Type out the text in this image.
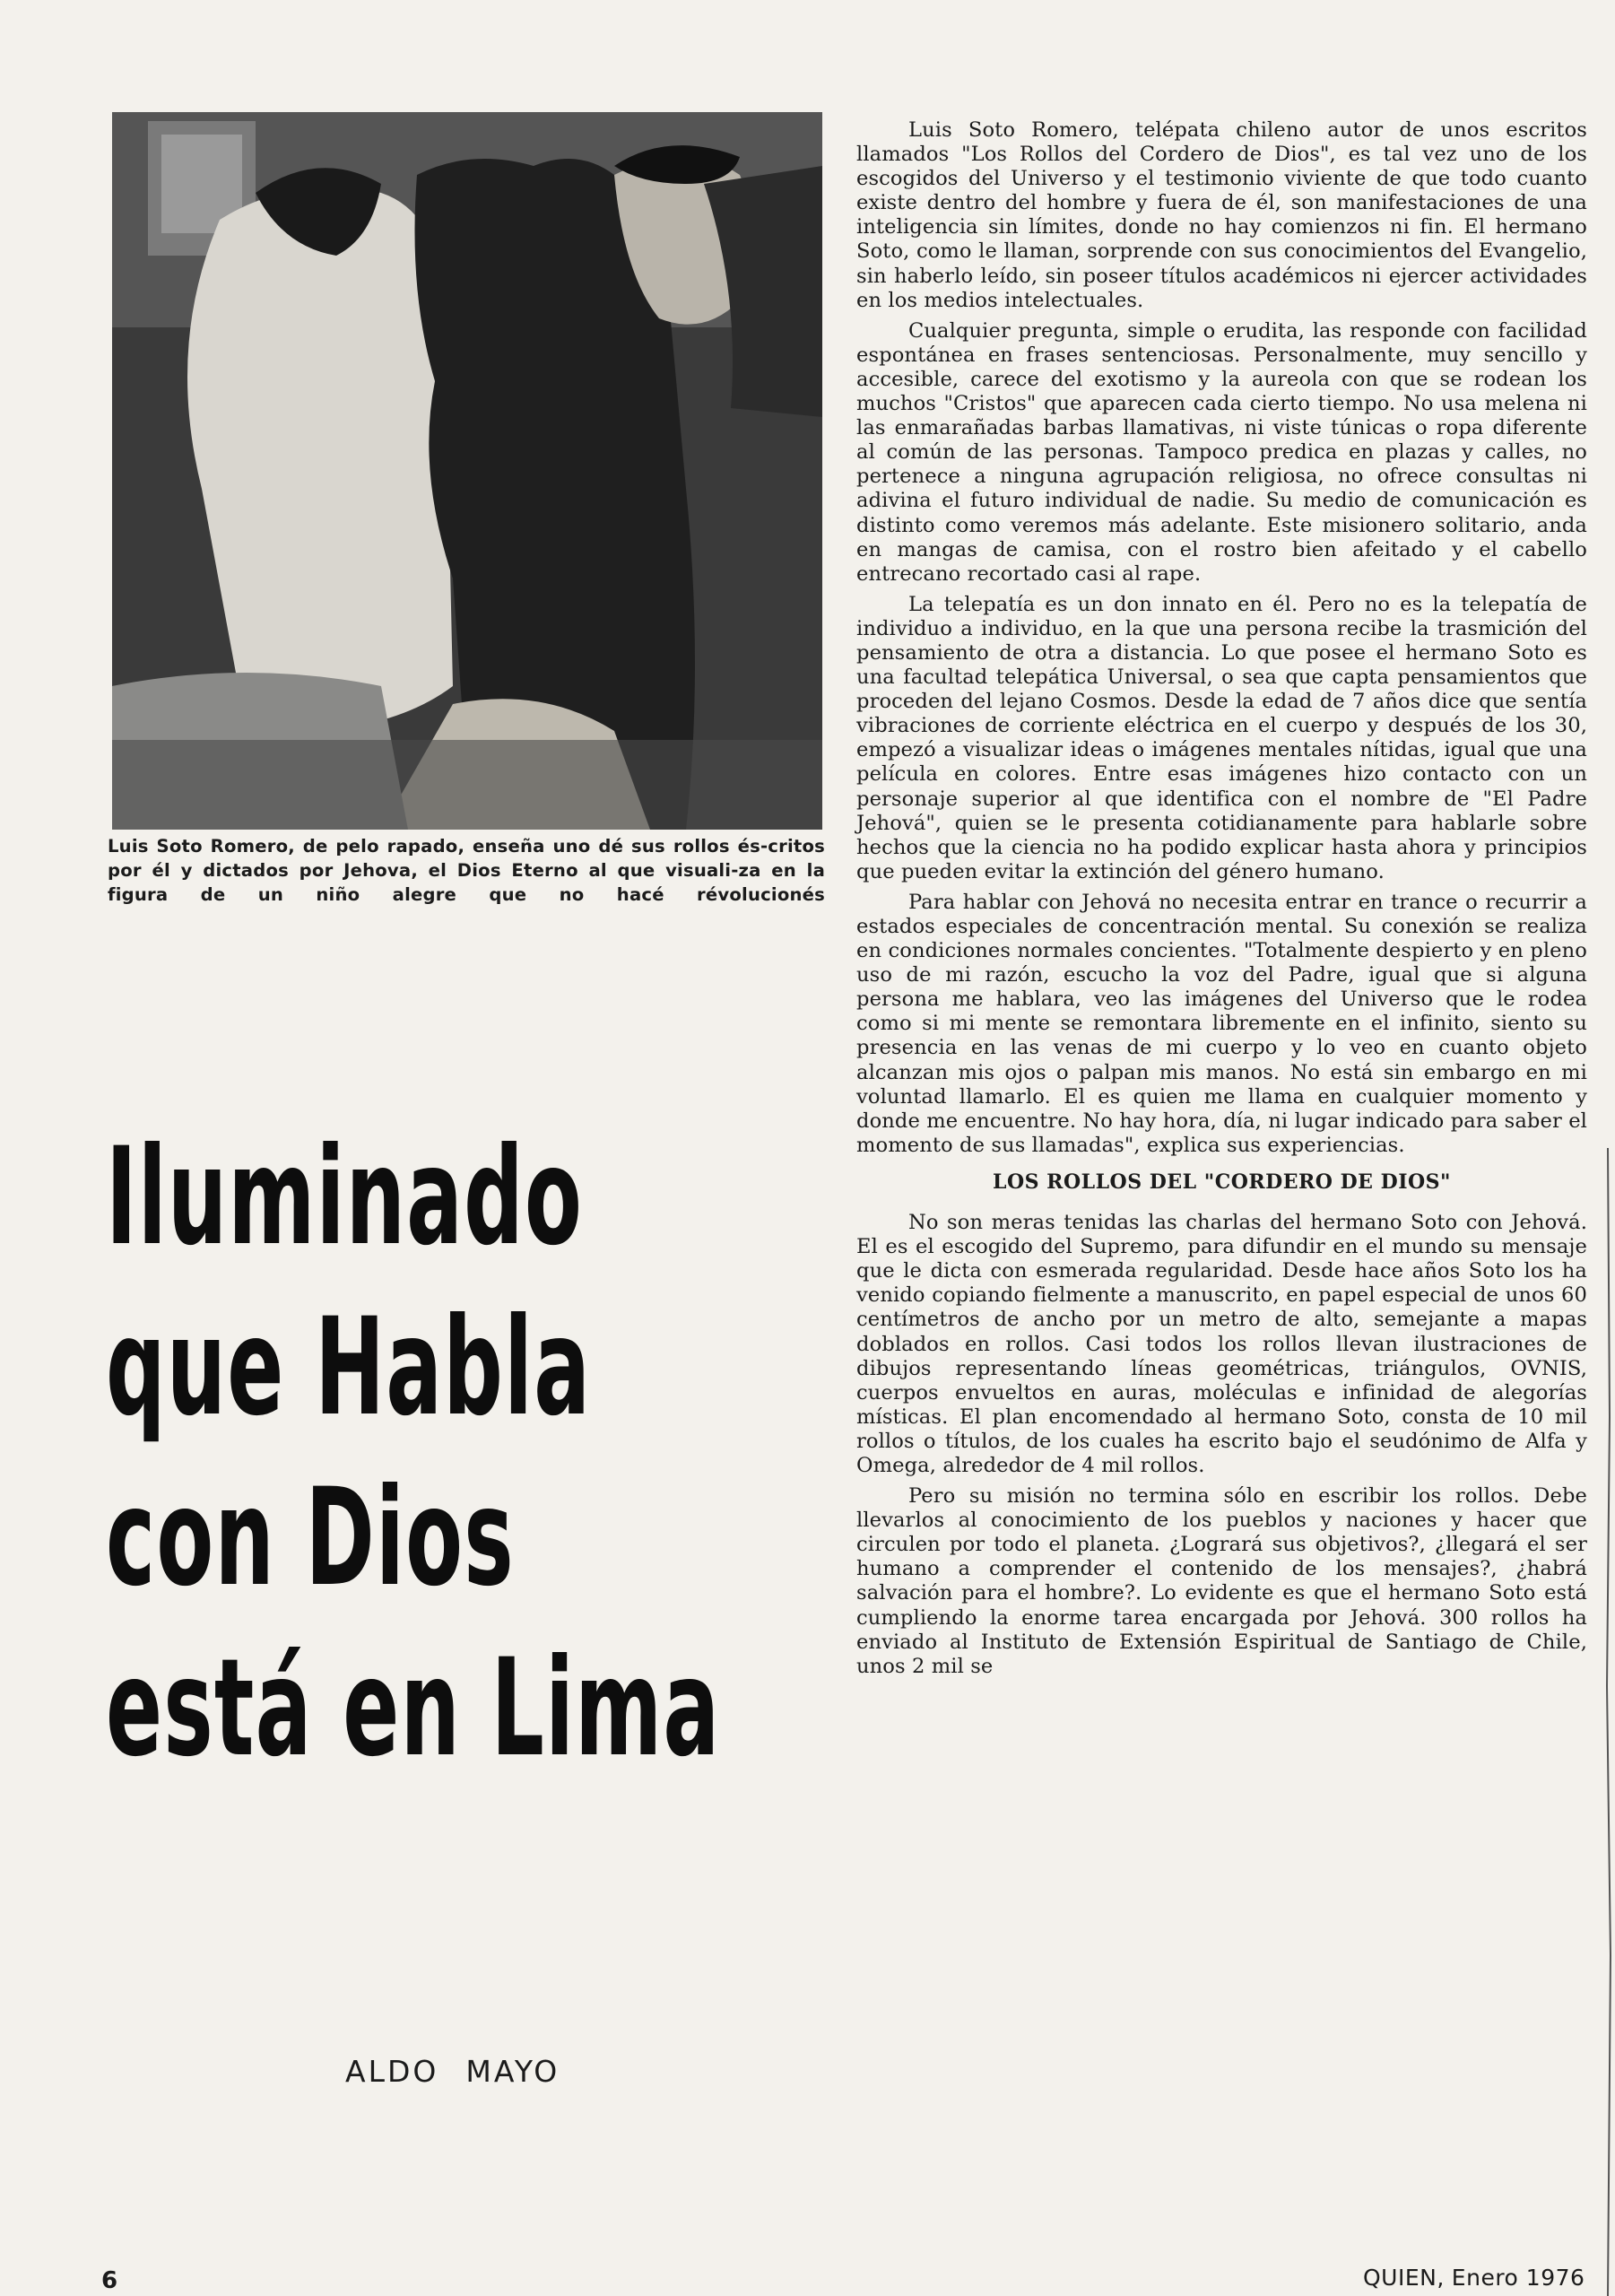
Luis Soto Romero, de pelo rapado, enseña uno dé sus rollos és-critos por él y dictados por Jehova, el Dios Eterno al que visuali-za en la figura de un niño alegre que no hacé révolucionés
Iluminado
que Habla
con Dios
está en Lima
ALDO MAYO

Luis Soto Romero, telépata chileno autor de unos escritos llamados "Los Rollos del Cordero de Dios", es tal vez uno de los escogidos del Universo y el testimonio viviente de que todo cuanto existe dentro del hombre y fuera de él, son manifestaciones de una inteligencia sin límites, donde no hay comienzos ni fin. El hermano Soto, como le llaman, sorprende con sus conocimientos del Evangelio, sin haberlo leído, sin poseer títulos académicos ni ejercer actividades en los medios intelectuales.

Cualquier pregunta, simple o erudita, las responde con facilidad espontánea en frases sentenciosas. Personalmente, muy sencillo y accesible, carece del exotismo y la aureola con que se rodean los muchos "Cristos" que aparecen cada cierto tiempo. No usa melena ni las enmarañadas barbas llamativas, ni viste túnicas o ropa diferente al común de las personas. Tampoco predica en plazas y calles, no pertenece a ninguna agrupación religiosa, no ofrece consultas ni adivina el futuro individual de nadie. Su medio de comunicación es distinto como veremos más adelante. Este misionero solitario, anda en mangas de camisa, con el rostro bien afeitado y el cabello entrecano recortado casi al rape.

La telepatía es un don innato en él. Pero no es la telepatía de individuo a individuo, en la que una persona recibe la trasmición del pensamiento de otra a distancia. Lo que posee el hermano Soto es una facultad telepática Universal, o sea que capta pensamientos que proceden del lejano Cosmos. Desde la edad de 7 años dice que sentía vibraciones de corriente eléctrica en el cuerpo y después de los 30, empezó a visualizar ideas o imágenes mentales nítidas, igual que una película en colores. Entre esas imágenes hizo contacto con un personaje superior al que identifica con el nombre de "El Padre Jehová", quien se le presenta cotidianamente para hablarle sobre hechos que la ciencia no ha podido explicar hasta ahora y principios que pueden evitar la extinción del género humano.

Para hablar con Jehová no necesita entrar en trance o recurrir a estados especiales de concentración mental. Su conexión se realiza en condiciones normales concientes. "Totalmente despierto y en pleno uso de mi razón, escucho la voz del Padre, igual que si alguna persona me hablara, veo las imágenes del Universo que le rodea como si mi mente se remontara libremente en el infinito, siento su presencia en las venas de mi cuerpo y lo veo en cuanto objeto alcanzan mis ojos o palpan mis manos. No está sin embargo en mi voluntad llamarlo. El es quien me llama en cualquier momento y donde me encuentre. No hay hora, día, ni lugar indicado para saber el momento de sus llamadas", explica sus experiencias.

LOS ROLLOS DEL "CORDERO DE DIOS"

No son meras tenidas las charlas del hermano Soto con Jehová. El es el escogido del Supremo, para difundir en el mundo su mensaje que le dicta con esmerada regularidad. Desde hace años Soto los ha venido copiando fielmente a manuscrito, en papel especial de unos 60 centímetros de ancho por un metro de alto, semejante a mapas doblados en rollos. Casi todos los rollos llevan ilustraciones de dibujos representando líneas geométricas, triángulos, OVNIS, cuerpos envueltos en auras, moléculas e infinidad de alegorías místicas. El plan encomendado al hermano Soto, consta de 10 mil rollos o títulos, de los cuales ha escrito bajo el seudónimo de Alfa y Omega, alrededor de 4 mil rollos.

Pero su misión no termina sólo en escribir los rollos. Debe llevarlos al conocimiento de los pueblos y naciones y hacer que circulen por todo el planeta. ¿Logrará sus objetivos?, ¿llegará el ser humano a comprender el contenido de los mensajes?, ¿habrá salvación para el hombre?. Lo evidente es que el hermano Soto está cumpliendo la enorme tarea encargada por Jehová. 300 rollos ha enviado al Instituto de Extensión Espiritual de Santiago de Chile, unos 2 mil se

6	QUIEN, Enero 1976
